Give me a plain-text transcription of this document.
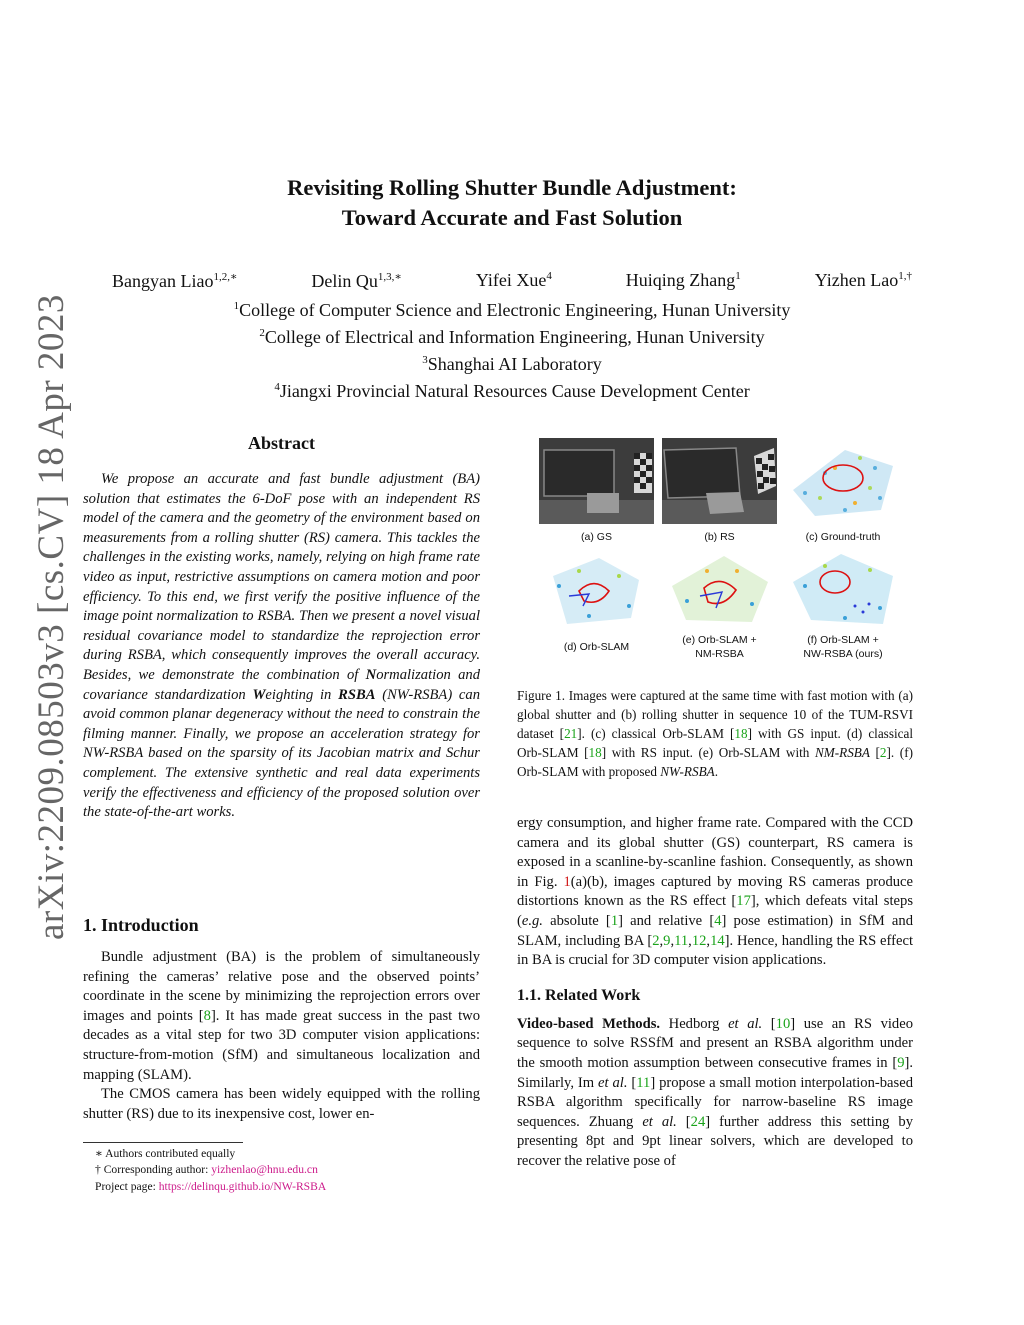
arXiv:2209.08503v3 [cs.CV] 18 Apr 2023
Revisiting Rolling Shutter Bundle Adjustment:
Toward Accurate and Fast Solution
Bangyan Liao$^{1,2,∗}$	Delin $Qu^{1,3,∗}$	Yifei Xue$^4$	Huiqing Zhang$^1$	Yizhen Lao$^{1,\dagger}$
$^1$College of Computer Science and Electronic Engineering, Hunan University
$^2$College of Electrical and Information Engineering, Hunan University
$^3$Shanghai AI Laboratory
$^4$Jiangxi Provincial Natural Resources Cause Development Center
Abstract

We propose an accurate and fast bundle adjustment (BA) solution that estimates the 6-DoF pose with an independent RS model of the camera and the geometry of the environment based on measurements from a rolling shutter (RS) camera. This tackles the challenges in the existing works, namely, relying on high frame rate video as input, restrictive assumptions on camera motion and poor efficiency. To this end, we first verify the positive influence of the image point normalization to RSBA. Then we present a novel visual residual covariance model to standardize the reprojection error during RSBA, which consequently improves the overall accuracy. Besides, we demonstrate the combination of Normalization and covariance standardization Weighting in RSBA (NW-RSBA) can avoid common planar degeneracy without the need to constrain the filming manner. Finally, we propose an acceleration strategy for NW-RSBA based on the sparsity of its Jacobian matrix and Schur complement. The extensive synthetic and real data experiments verify the effectiveness and efficiency of the proposed solution over the state-of-the-art works.

1. Introduction

Bundle adjustment (BA) is the problem of simultaneously refining the cameras’ relative pose and the observed points’ coordinate in the scene by minimizing the reprojection errors over images and points [8]. It has made great success in the past two decades as a vital step for two 3D computer vision applications: structure-from-motion (SfM) and simultaneous localization and mapping (SLAM).

The CMOS camera has been widely equipped with the rolling shutter (RS) due to its inexpensive cost, lower en-

∗ Authors contributed equally
† Corresponding author: yizhenlao@hnu.edu.cn
Project page: https://delinqu.github.io/NW-RSBA
(a) GS	(b) RS	(c) Ground-truth
(d) Orb-SLAM
(e) Orb-SLAM +
NM-RSBA
(f) Orb-SLAM +
NW-RSBA (ours)
Figure 1. Images were captured at the same time with fast motion with (a) global shutter and (b) rolling shutter in sequence 10 of the TUM-RSVI dataset [21]. (c) classical Orb-SLAM [18] with GS input. (d) classical Orb-SLAM [18] with RS input. (e) Orb-SLAM with NM-RSBA [2]. (f) Orb-SLAM with proposed NW-RSBA.

ergy consumption, and higher frame rate. Compared with the CCD camera and its global shutter (GS) counterpart, RS camera is exposed in a scanline-by-scanline fashion. Consequently, as shown in Fig. 1(a)(b), images captured by moving RS cameras produce distortions known as the RS effect [17], which defeats vital steps (e.g. absolute [1] and relative [4] pose estimation) in SfM and SLAM, including BA [2,9,11,12,14]. Hence, handling the RS effect in BA is crucial for 3D computer vision applications.

1.1. Related Work

Video-based Methods. Hedborg et al. [10] use an RS video sequence to solve RSSfM and present an RSBA algorithm under the smooth motion assumption between consecutive frames in [9]. Similarly, Im et al. [11] propose a small motion interpolation-based RSBA algorithm specifically for narrow-baseline RS image sequences. Zhuang et al. [24] further address this setting by presenting 8pt and 9pt linear solvers, which are developed to recover the relative pose of
